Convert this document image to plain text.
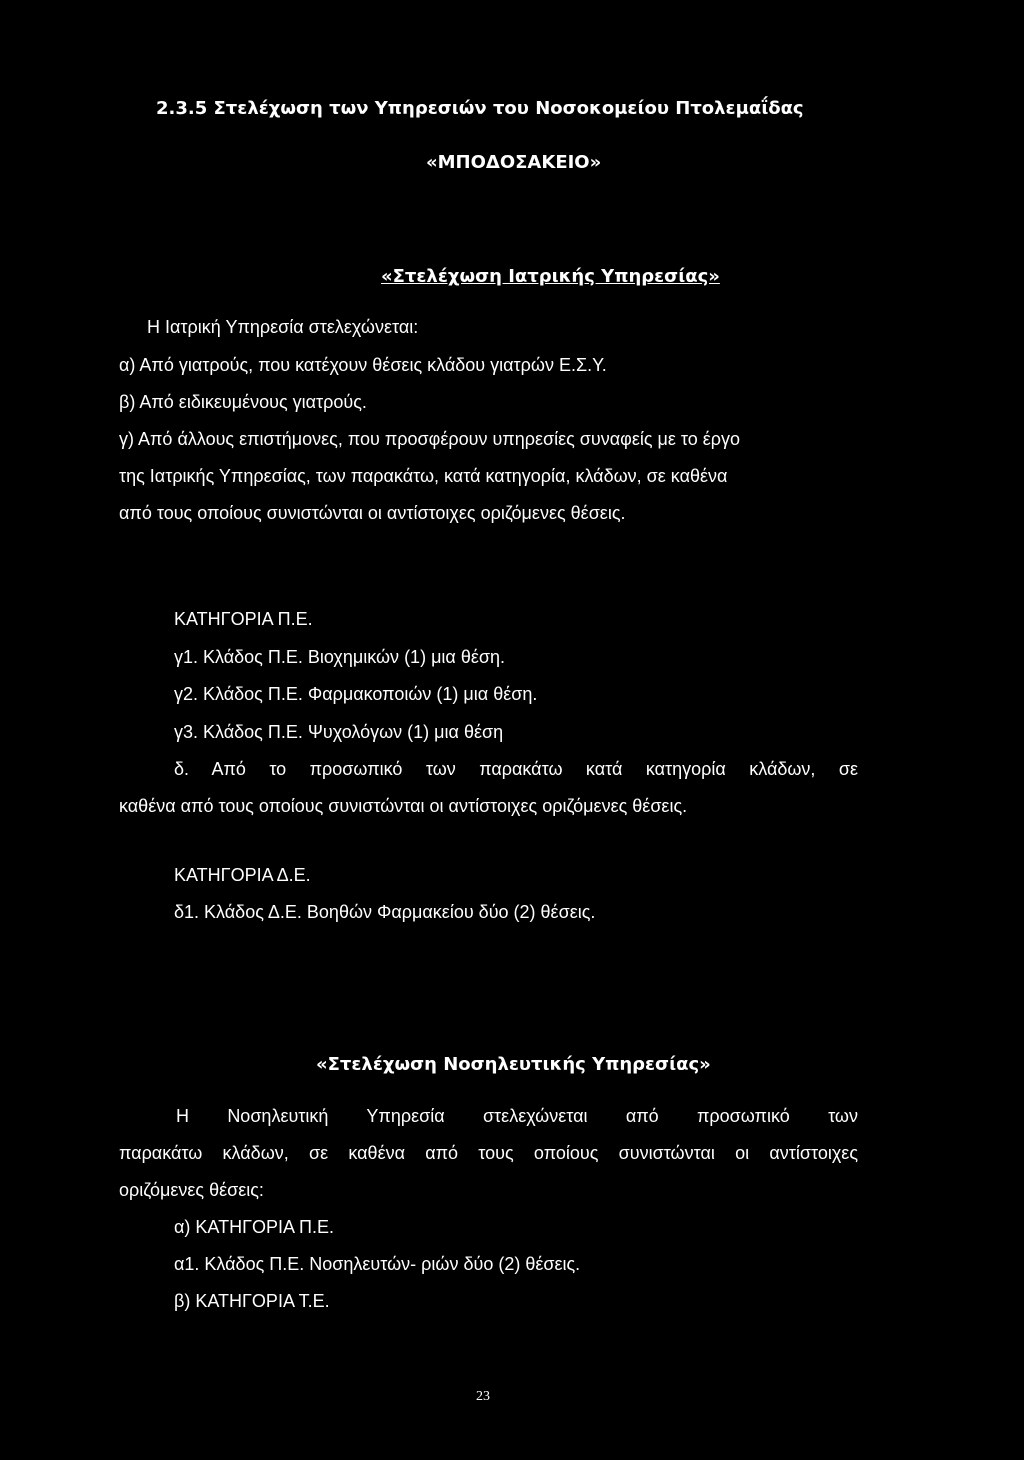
2.3.5 Στελέχωση των Υπηρεσιών του Νοσοκομείου Πτολεμαΐδας
«ΜΠΟΔΟΣΑΚΕΙΟ»
«Στελέχωση Ιατρικής Υπηρεσίας»
Η Ιατρική Υπηρεσία στελεχώνεται:
α) Από γιατρούς, που κατέχουν θέσεις κλάδου γιατρών Ε.Σ.Υ.
β) Από ειδικευμένους γιατρούς.
γ) Από άλλους επιστήμονες, που προσφέρουν υπηρεσίες συναφείς με το έργο
της Ιατρικής Υπηρεσίας, των παρακάτω, κατά κατηγορία, κλάδων, σε καθένα
από τους οποίους συνιστώνται οι αντίστοιχες οριζόμενες θέσεις.
ΚΑΤΗΓΟΡΙΑ Π.Ε.
γ1. Κλάδος Π.Ε. Βιοχημικών (1) μια θέση.
γ2. Κλάδος Π.Ε. Φαρμακοποιών (1) μια θέση.
γ3. Κλάδος Π.Ε. Ψυχολόγων (1) μια θέση
δ. Από το προσωπικό των παρακάτω κατά κατηγορία κλάδων, σε
καθένα από τους οποίους συνιστώνται οι αντίστοιχες οριζόμενες θέσεις.
ΚΑΤΗΓΟΡΙΑ Δ.Ε.
δ1. Κλάδος Δ.Ε. Βοηθών Φαρμακείου δύο (2) θέσεις.
«Στελέχωση Νοσηλευτικής Υπηρεσίας»
Η Νοσηλευτική Υπηρεσία στελεχώνεται από προσωπικό των
παρακάτω κλάδων, σε καθένα από τους οποίους συνιστώνται οι αντίστοιχες
οριζόμενες θέσεις:
α) ΚΑΤΗΓΟΡΙΑ Π.Ε.
α1. Κλάδος Π.Ε. Νοσηλευτών- ριών δύο (2) θέσεις.
β) ΚΑΤΗΓΟΡΙΑ Τ.Ε.
23
